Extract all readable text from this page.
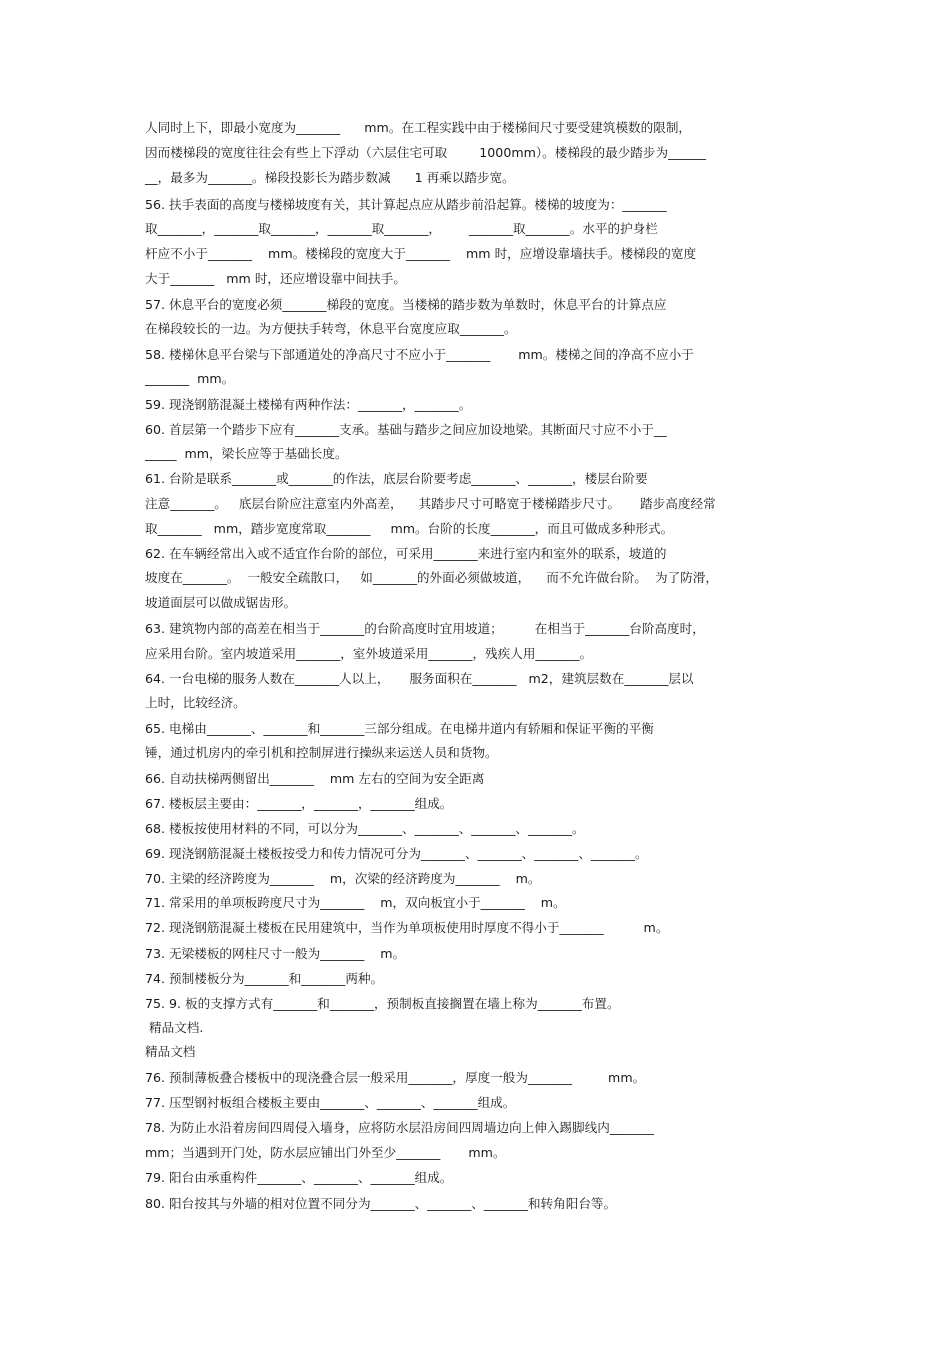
人同时上下，即最小宽度为_______      mm。在工程实践中由于楼梯间尺寸要受建筑模数的限制，
因而楼梯段的宽度往往会有些上下浮动（六层住宅可取        1000mm）。楼梯段的最少踏步为______
__，最多为_______。梯段投影长为踏步数减      1 再乘以踏步宽。
56. 扶手表面的高度与楼梯坡度有关，其计算起点应从踏步前沿起算。楼梯的坡度为：_______
取_______，_______取_______，_______取_______，       _______取_______。水平的护身栏
杆应不小于_______    mm。楼梯段的宽度大于_______    mm 时，应增设靠墙扶手。楼梯段的宽度
大于_______   mm 时，还应增设靠中间扶手。
57. 休息平台的宽度必须_______梯段的宽度。当楼梯的踏步数为单数时，休息平台的计算点应
在梯段较长的一边。为方便扶手转弯，休息平台宽度应取_______。
58. 楼梯休息平台梁与下部通道处的净高尺寸不应小于_______       mm。楼梯之间的净高不应小于
_______  mm。
59. 现浇钢筋混凝土楼梯有两种作法：_______，_______。
60. 首层第一个踏步下应有_______支承。基础与踏步之间应加设地梁。其断面尺寸应不小于__
_____  mm，梁长应等于基础长度。
61. 台阶是联系_______或_______的作法，底层台阶要考虑_______、_______，楼层台阶要
注意_______。   底层台阶应注意室内外高差，    其踏步尺寸可略宽于楼梯踏步尺寸。     踏步高度经常
取_______   mm，踏步宽度常取_______     mm。台阶的长度_______，而且可做成多种形式。
62. 在车辆经常出入或不适宜作台阶的部位，可采用_______来进行室内和室外的联系，坡道的
坡度在_______。  一般安全疏散口，   如_______的外面必须做坡道，    而不允许做台阶。  为了防滑，
坡道面层可以做成锯齿形。
63. 建筑物内部的高差在相当于_______的台阶高度时宜用坡道；        在相当于_______台阶高度时，
应采用台阶。室内坡道采用_______，室外坡道采用_______，残疾人用_______。
64. 一台电梯的服务人数在_______人以上，     服务面积在_______   m2，建筑层数在_______层以
上时，比较经济。
65. 电梯由_______、_______和_______三部分组成。在电梯井道内有轿厢和保证平衡的平衡
锤，通过机房内的牵引机和控制屏进行操纵来运送人员和货物。
66. 自动扶梯两侧留出_______    mm 左右的空间为安全距离
67. 楼板层主要由：_______，_______，_______组成。
68. 楼板按使用材料的不同，可以分为_______、_______、_______、_______。
69. 现浇钢筋混凝土楼板按受力和传力情况可分为_______、_______、_______、_______。
70. 主梁的经济跨度为_______    m，次梁的经济跨度为_______    m。
71. 常采用的单项板跨度尺寸为_______    m，双向板宜小于_______    m。
72. 现浇钢筋混凝土楼板在民用建筑中，当作为单项板使用时厚度不得小于_______          m。
73. 无梁楼板的网柱尺寸一般为_______    m。
74. 预制楼板分为_______和_______两种。
75. 9. 板的支撑方式有_______和_______，预制板直接搁置在墙上称为_______布置。
精品文档.
精品文档
76. 预制薄板叠合楼板中的现浇叠合层一般采用_______，厚度一般为_______         mm。
77. 压型钢衬板组合楼板主要由_______、_______、_______组成。
78. 为防止水沿着房间四周侵入墙身，应将防水层沿房间四周墙边向上伸入踢脚线内_______
mm；当遇到开门处，防水层应铺出门外至少_______       mm。
79. 阳台由承重构件_______、_______、_______组成。
80. 阳台按其与外墙的相对位置不同分为_______、_______、_______和转角阳台等。
